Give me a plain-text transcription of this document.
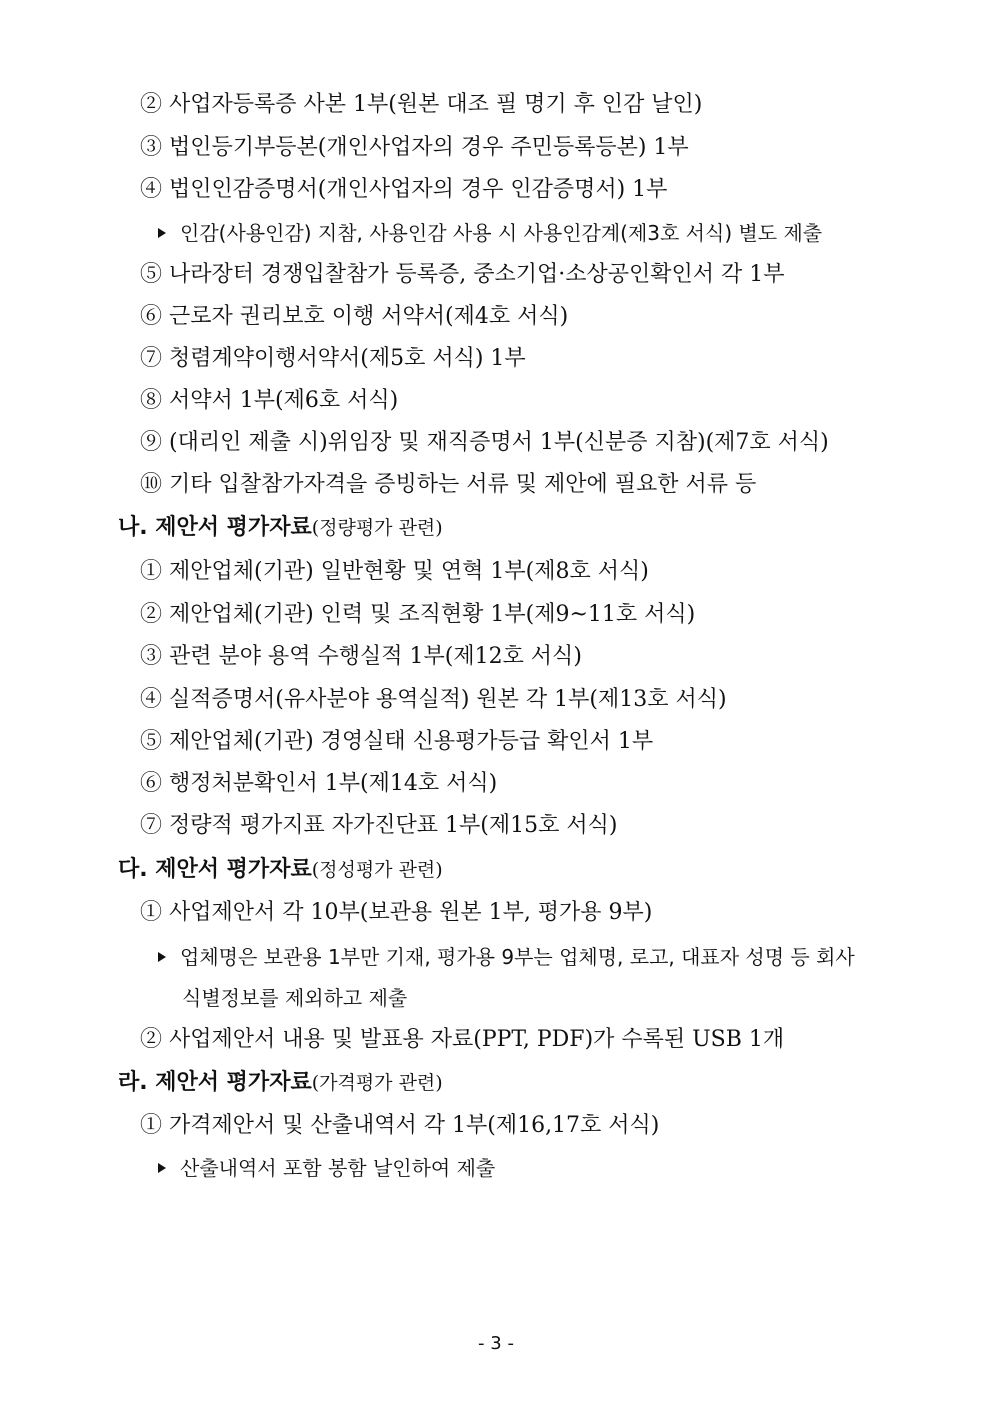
② 사업자등록증 사본 1부(원본 대조 필 명기 후 인감 날인)
③ 법인등기부등본(개인사업자의 경우 주민등록등본) 1부
④ 법인인감증명서(개인사업자의 경우 인감증명서) 1부
인감(사용인감) 지참, 사용인감 사용 시 사용인감계(제3호 서식) 별도 제출
⑤ 나라장터 경쟁입찰참가 등록증, 중소기업·소상공인확인서 각 1부
⑥ 근로자 권리보호 이행 서약서(제4호 서식)
⑦ 청렴계약이행서약서(제5호 서식) 1부
⑧ 서약서 1부(제6호 서식)
⑨ (대리인 제출 시)위임장 및 재직증명서 1부(신분증 지참)(제7호 서식)
⑩ 기타 입찰참가자격을 증빙하는 서류 및 제안에 필요한 서류 등
나. 제안서 평가자료(정량평가 관련)
① 제안업체(기관) 일반현황 및 연혁 1부(제8호 서식)
② 제안업체(기관) 인력 및 조직현황 1부(제9~11호 서식)
③ 관련 분야 용역 수행실적 1부(제12호 서식)
④ 실적증명서(유사분야 용역실적) 원본 각 1부(제13호 서식)
⑤ 제안업체(기관) 경영실태 신용평가등급 확인서 1부
⑥ 행정처분확인서 1부(제14호 서식)
⑦ 정량적 평가지표 자가진단표 1부(제15호 서식)
다. 제안서 평가자료(정성평가 관련)
① 사업제안서 각 10부(보관용 원본 1부, 평가용 9부)
업체명은 보관용 1부만 기재, 평가용 9부는 업체명, 로고, 대표자 성명 등 회사
식별정보를 제외하고 제출
② 사업제안서 내용 및 발표용 자료(PPT, PDF)가 수록된 USB 1개
라. 제안서 평가자료(가격평가 관련)
① 가격제안서 및 산출내역서 각 1부(제16,17호 서식)
산출내역서 포함 봉함 날인하여 제출
- 3 -
